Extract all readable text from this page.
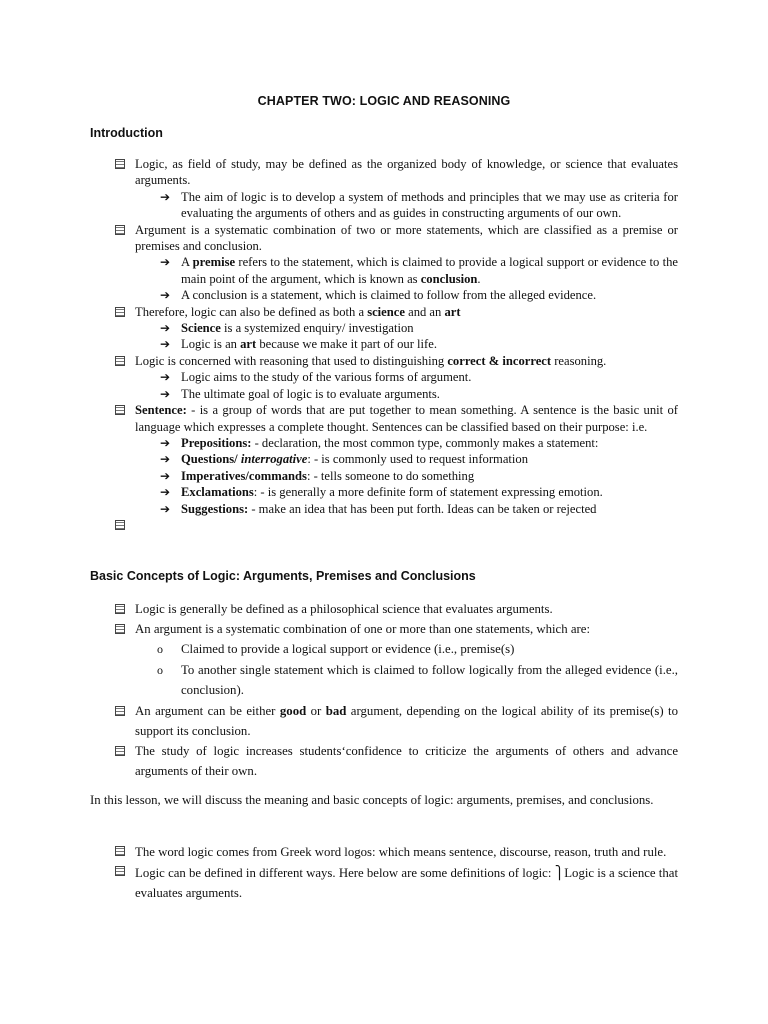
CHAPTER TWO: LOGIC AND REASONING
Introduction
Logic, as field of study, may be defined as the organized body of knowledge, or science that evaluates arguments.
➔ The aim of logic is to develop a system of methods and principles that we may use as criteria for evaluating the arguments of others and as guides in constructing arguments of our own.
Argument is a systematic combination of two or more statements, which are classified as a premise or premises and conclusion.
➔ A premise refers to the statement, which is claimed to provide a logical support or evidence to the main point of the argument, which is known as conclusion.
➔ A conclusion is a statement, which is claimed to follow from the alleged evidence.
Therefore, logic can also be defined as both a science and an art
➔ Science is a systemized enquiry/ investigation
➔ Logic is an art because we make it part of our life.
Logic is concerned with reasoning that used to distinguishing correct & incorrect reasoning.
➔ Logic aims to the study of the various forms of argument.
➔ The ultimate goal of logic is to evaluate arguments.
Sentence: - is a group of words that are put together to mean something. A sentence is the basic unit of language which expresses a complete thought. Sentences can be classified based on their purpose: i.e.
➔ Prepositions: - declaration, the most common type, commonly makes a statement:
➔ Questions/ interrogative: - is commonly used to request information
➔ Imperatives/commands: - tells someone to do something
➔ Exclamations: - is generally a more definite form of statement expressing emotion.
➔ Suggestions: - make an idea that has been put forth. Ideas can be taken or rejected

Basic Concepts of Logic: Arguments, Premises and Conclusions
Logic is generally be defined as a philosophical science that evaluates arguments.
An argument is a systematic combination of one or more than one statements, which are:
o Claimed to provide a logical support or evidence (i.e., premise(s)
o To another single statement which is claimed to follow logically from the alleged evidence (i.e., conclusion).
An argument can be either good or bad argument, depending on the logical ability of its premise(s) to support its conclusion.
The study of logic increases students‘confidence to criticize the arguments of others and advance arguments of their own.
In this lesson, we will discuss the meaning and basic concepts of logic: arguments, premises, and conclusions.
The word logic comes from Greek word logos: which means sentence, discourse, reason, truth and rule.
Logic can be defined in different ways. Here below are some definitions of logic: ⎫Logic is a science that evaluates arguments.
